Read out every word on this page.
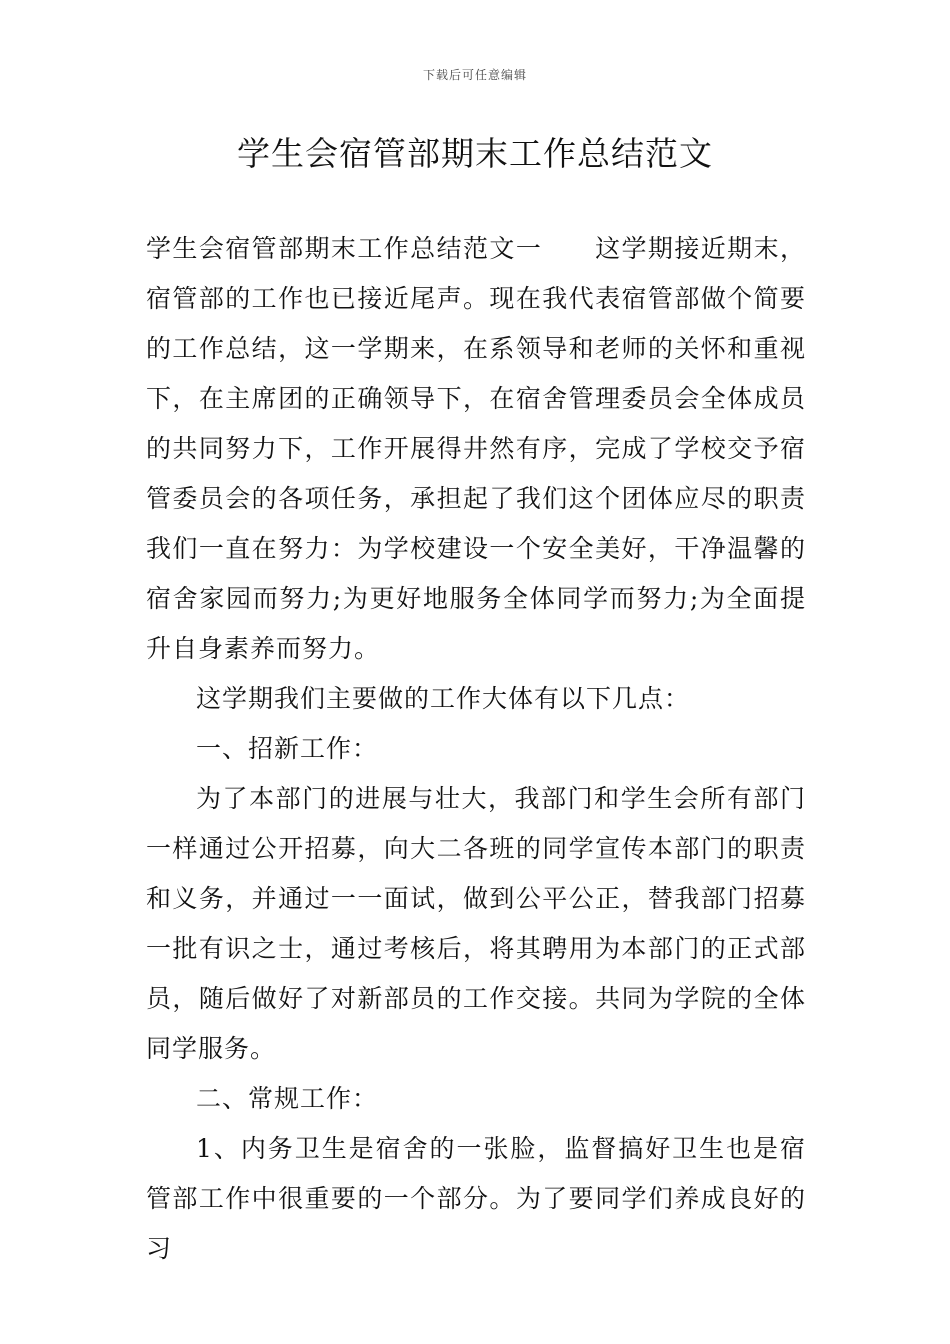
下载后可任意编辑
学生会宿管部期末工作总结范文

学生会宿管部期末工作总结范文一　　这学期接近期末，宿管部的工作也已接近尾声。现在我代表宿管部做个简要的工作总结，这一学期来，在系领导和老师的关怀和重视下，在主席团的正确领导下，在宿舍管理委员会全体成员的共同努力下，工作开展得井然有序，完成了学校交予宿管委员会的各项任务，承担起了我们这个团体应尽的职责我们一直在努力：为学校建设一个安全美好，干净温馨的宿舍家园而努力;为更好地服务全体同学而努力;为全面提升自身素养而努力。

这学期我们主要做的工作大体有以下几点：

一、招新工作：

为了本部门的进展与壮大，我部门和学生会所有部门一样通过公开招募，向大二各班的同学宣传本部门的职责和义务，并通过一一面试，做到公平公正，替我部门招募一批有识之士，通过考核后，将其聘用为本部门的正式部员，随后做好了对新部员的工作交接。共同为学院的全体同学服务。

二、常规工作：

1、内务卫生是宿舍的一张脸，监督搞好卫生也是宿管部工作中很重要的一个部分。为了要同学们养成良好的习
